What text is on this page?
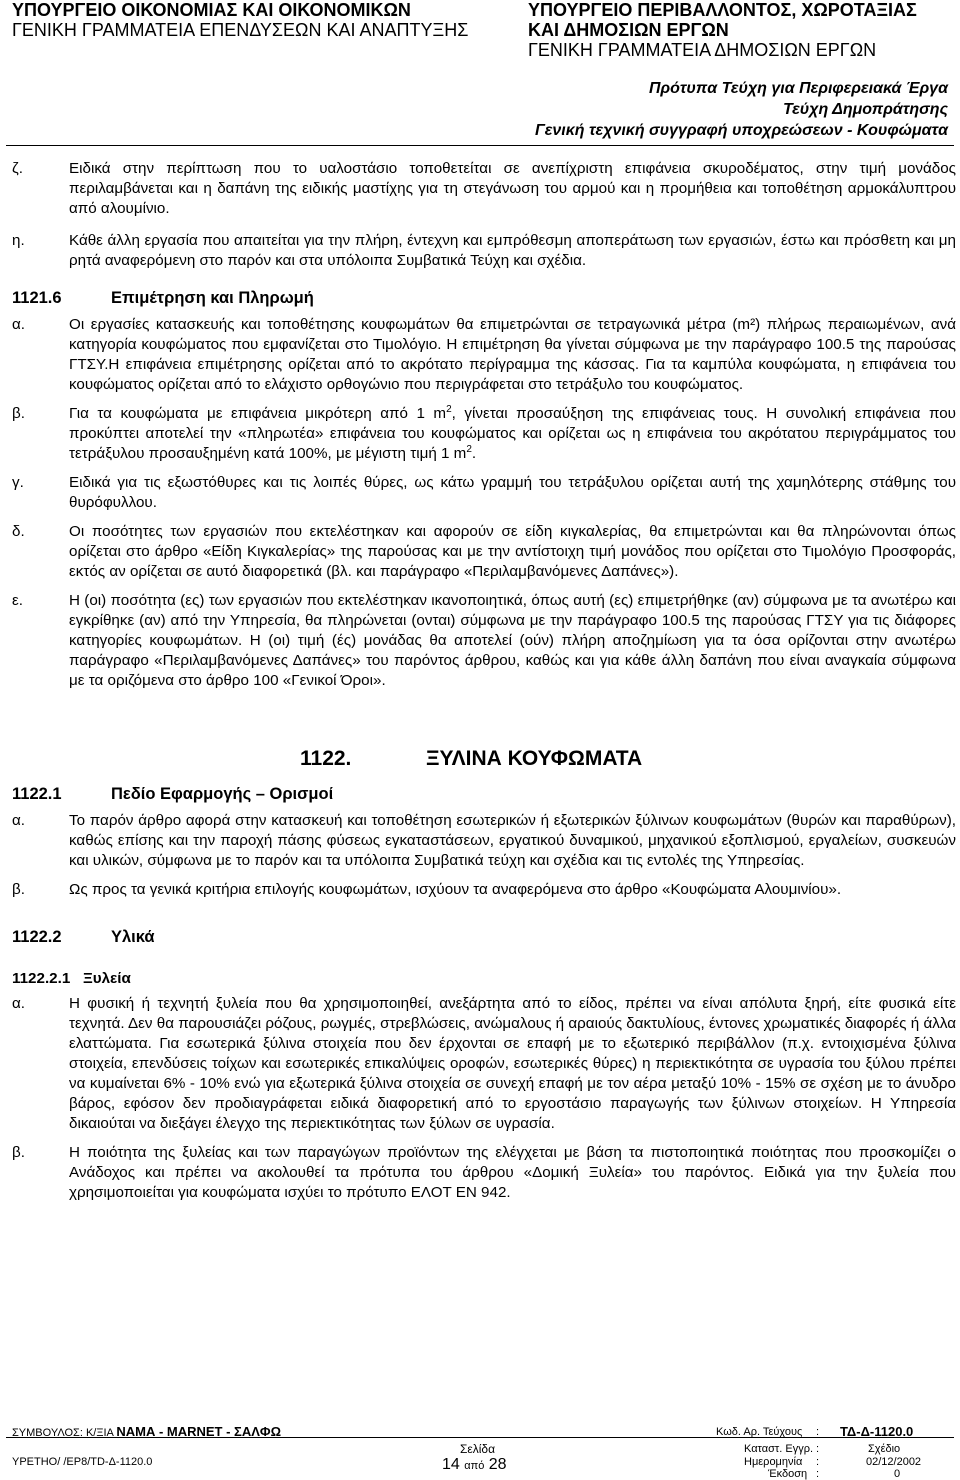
ΥΠΟΥΡΓΕΙΟ ΟΙΚΟΝΟΜΙΑΣ ΚΑΙ ΟΙΚΟΝΟΜΙΚΩΝ
ΓΕΝΙΚΗ ΓΡΑΜΜΑΤΕΙΑ ΕΠΕΝΔΥΣΕΩΝ ΚΑΙ ΑΝΑΠΤΥΞΗΣ
ΥΠΟΥΡΓΕΙΟ ΠΕΡΙΒΑΛΛΟΝΤΟΣ, ΧΩΡΟΤΑΞΙΑΣ
ΚΑΙ ΔΗΜΟΣΙΩΝ ΕΡΓΩΝ
ΓΕΝΙΚΗ ΓΡΑΜΜΑΤΕΙΑ ΔΗΜΟΣΙΩΝ ΕΡΓΩΝ
Πρότυπα Τεύχη για Περιφερειακά Έργα
Τεύχη Δημοπράτησης
Γενική τεχνική συγγραφή υποχρεώσεων - Κουφώματα

ζ.	Ειδικά στην περίπτωση που το υαλοστάσιο τοποθετείται σε ανεπίχριστη επιφάνεια σκυροδέματος, στην τιμή μονάδος περιλαμβάνεται και η δαπάνη της ειδικής μαστίχης για τη στεγάνωση του αρμού και η προμήθεια και τοποθέτηση αρμοκάλυπτρου από αλουμίνιο.

η.	Κάθε άλλη εργασία που απαιτείται για την πλήρη, έντεχνη και εμπρόθεσμη αποπεράτωση των εργασιών, έστω και πρόσθετη και μη ρητά αναφερόμενη στο παρόν και στα υπόλοιπα Συμβατικά Τεύχη και σχέδια.

1121.6	Επιμέτρηση και Πληρωμή

α.	Οι εργασίες κατασκευής και τοποθέτησης κουφωμάτων θα επιμετρώνται σε τετραγωνικά μέτρα (m²) πλήρως περαιωμένων, ανά κατηγορία κουφώματος που εμφανίζεται στο Τιμολόγιο. Η επιμέτρηση θα γίνεται σύμφωνα με την παράγραφο 100.5 της παρούσας ΓΤΣΥ.Η επιφάνεια επιμέτρησης ορίζεται από το ακρότατο περίγραμμα της κάσσας. Για τα καμπύλα κουφώματα, η επιφάνεια του κουφώματος ορίζεται από το ελάχιστο ορθογώνιο που περιγράφεται στο τετράξυλο του κουφώματος.

β.	Για τα κουφώματα με επιφάνεια μικρότερη από 1 $m^2$, γίνεται προσαύξηση της επιφάνειας τους. Η συνολική επιφάνεια που προκύπτει αποτελεί την «πληρωτέα» επιφάνεια του κουφώματος και ορίζεται ως η επιφάνεια του ακρότατου περιγράμματος του τετράξυλου προσαυξημένη κατά 100%, με μέγιστη τιμή 1 $m^2$.

γ.	Ειδικά για τις εξωστόθυρες και τις λοιπές θύρες, ως κάτω γραμμή του τετράξυλου ορίζεται αυτή της χαμηλότερης στάθμης του θυρόφυλλου.

δ.	Οι ποσότητες των εργασιών που εκτελέστηκαν και αφορούν σε είδη κιγκαλερίας, θα επιμετρώνται και θα πληρώνονται όπως ορίζεται στο άρθρο «Είδη Κιγκαλερίας» της παρούσας και με την αντίστοιχη τιμή μονάδος που ορίζεται στο Τιμολόγιο Προσφοράς, εκτός αν ορίζεται σε αυτό διαφορετικά (βλ. και παράγραφο «Περιλαμβανόμενες Δαπάνες»).

ε.	Η (οι) ποσότητα (ες) των εργασιών που εκτελέστηκαν ικανοποιητικά, όπως αυτή (ες) επιμετρήθηκε (αν) σύμφωνα με τα ανωτέρω και εγκρίθηκε (αν) από την Υπηρεσία, θα πληρώνεται (ονται) σύμφωνα με την παράγραφο 100.5 της παρούσας ΓΤΣΥ για τις διάφορες κατηγορίες κουφωμάτων. Η (οι) τιμή (ές) μονάδας θα αποτελεί (ούν) πλήρη αποζημίωση για τα όσα ορίζονται στην ανωτέρω παράγραφο «Περιλαμβανόμενες Δαπάνες» του παρόντος άρθρου, καθώς και για κάθε άλλη δαπάνη που είναι αναγκαία σύμφωνα με τα οριζόμενα στο άρθρο 100 «Γενικοί Όροι».

1122.	ΞΥΛΙΝΑ ΚΟΥΦΩΜΑΤΑ
1122.1	Πεδίο Εφαρμογής – Ορισμοί

α.	Το παρόν άρθρο αφορά στην κατασκευή και τοποθέτηση εσωτερικών ή εξωτερικών ξύλινων κουφωμάτων (θυρών και παραθύρων), καθώς επίσης και την παροχή πάσης φύσεως εγκαταστάσεων, εργατικού δυναμικού, μηχανικού εξοπλισμού, εργαλείων, συσκευών και υλικών, σύμφωνα με το παρόν και τα υπόλοιπα Συμβατικά τεύχη και σχέδια και τις εντολές της Υπηρεσίας.

β.	Ως προς τα γενικά κριτήρια επιλογής κουφωμάτων, ισχύουν τα αναφερόμενα στο άρθρο «Κουφώματα Αλουμινίου».

1122.2	Υλικά
1122.2.1 Ξυλεία

α.	Η φυσική ή τεχνητή ξυλεία που θα χρησιμοποιηθεί, ανεξάρτητα από το είδος, πρέπει να είναι απόλυτα ξηρή, είτε φυσικά είτε τεχνητά. Δεν θα παρουσιάζει ρόζους, ρωγμές, στρεβλώσεις, ανώμαλους ή αραιούς δακτυλίους, έντονες χρωματικές διαφορές ή άλλα ελαττώματα. Για εσωτερικά ξύλινα στοιχεία που δεν έρχονται σε επαφή με το εξωτερικό περιβάλλον (π.χ. εντοιχισμένα ξύλινα στοιχεία, επενδύσεις τοίχων και εσωτερικές επικαλύψεις οροφών, εσωτερικές θύρες) η περιεκτικότητα σε υγρασία του ξύλου πρέπει να κυμαίνεται 6% - 10% ενώ για εξωτερικά ξύλινα στοιχεία σε συνεχή επαφή με τον αέρα μεταξύ 10% - 15% σε σχέση με το άνυδρο βάρος, εφόσον δεν προδιαγράφεται ειδικά διαφορετική από το εργοστάσιο παραγωγής των ξύλινων στοιχείων. Η Υπηρεσία δικαιούται να διεξάγει έλεγχο της περιεκτικότητας των ξύλων σε υγρασία.

β.	Η ποιότητα της ξυλείας και των παραγώγων προϊόντων της ελέγχεται με βάση τα πιστοποιητικά ποιότητας που προσκομίζει ο Ανάδοχος και πρέπει να ακολουθεί τα πρότυπα του άρθρου «Δομική Ξυλεία» του παρόντος. Ειδικά για την ξυλεία που χρησιμοποιείται για κουφώματα ισχύει το πρότυπο ΕΛΟΤ ΕΝ 942.

ΣΥΜΒΟΥΛΟΣ: Κ/ΞΙΑ ΝΑΜΑ - MARNET - ΣΑΛΦΩ
ΥΡΕΤΗΟ/ /ΕΡ8/ΤD-Δ-1120.0
Σελίδα
14 από 28
Κωδ. Αρ. Τεύχους : ΤΔ-Δ-1120.0
Καταστ. Εγγρ. :	Σχέδιο
Ημερομηνία :	02/12/2002
Έκδοση :	0
